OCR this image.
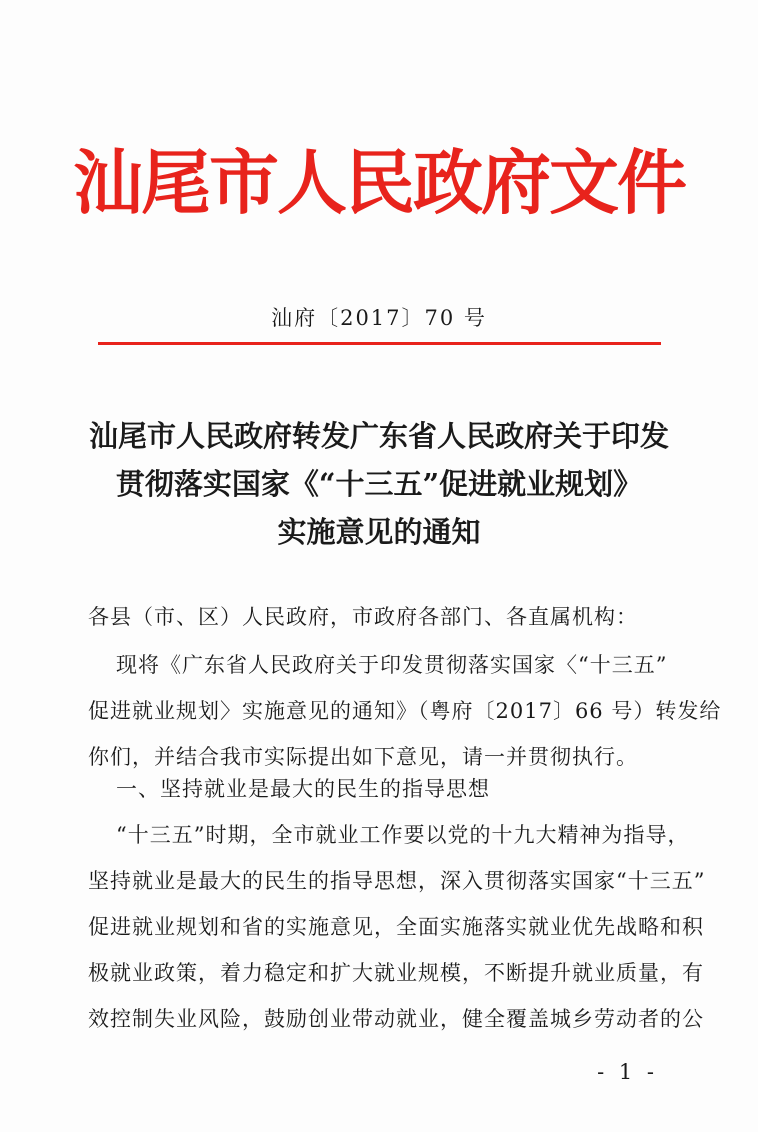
汕尾市人民政府文件
汕府〔2017〕70 号
汕尾市人民政府转发广东省人民政府关于印发
贯彻落实国家《“十三五”促进就业规划》
实施意见的通知
各县（市、区）人民政府，市政府各部门、各直属机构：
现将《广东省人民政府关于印发贯彻落实国家〈“十三五”
促进就业规划〉实施意见的通知》（粤府〔2017〕66 号）转发给
你们，并结合我市实际提出如下意见，请一并贯彻执行。
一、坚持就业是最大的民生的指导思想
“十三五”时期，全市就业工作要以党的十九大精神为指导，
坚持就业是最大的民生的指导思想，深入贯彻落实国家“十三五”
促进就业规划和省的实施意见，全面实施落实就业优先战略和积
极就业政策，着力稳定和扩大就业规模，不断提升就业质量，有
效控制失业风险，鼓励创业带动就业，健全覆盖城乡劳动者的公
- 1 -
